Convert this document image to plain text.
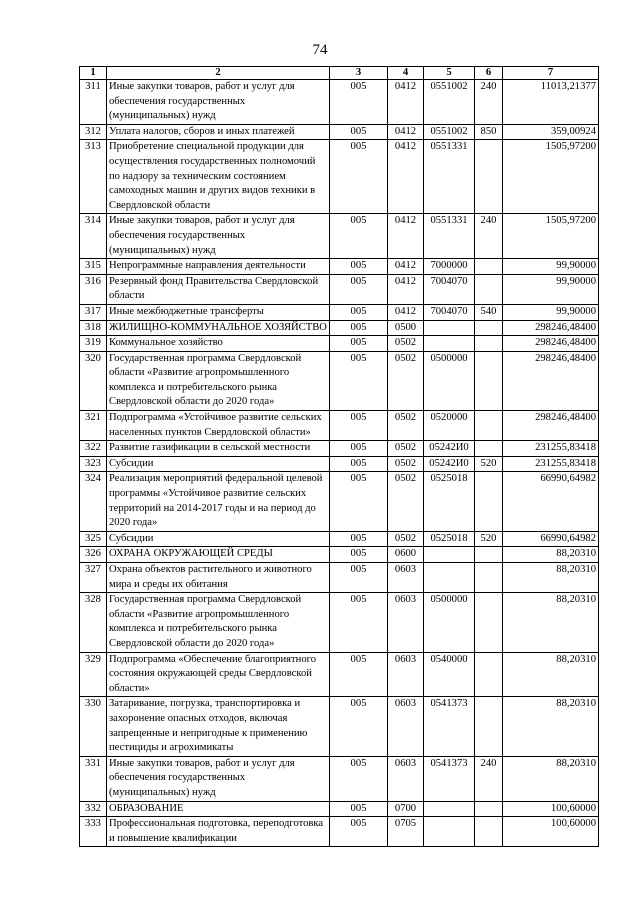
74
1	2	3	4	5	6	7
311	Иные закупки товаров, работ и услуг для обеспечения государственных (муниципальных) нужд	005	0412	0551002	240	11013,21377
312	Уплата налогов, сборов и иных платежей	005	0412	0551002	850	359,00924
313	Приобретение специальной продукции для осуществления государственных полномочий по надзору за техническим состоянием самоходных машин и других видов техники в Свердловской области	005	0412	0551331		1505,97200
314	Иные закупки товаров, работ и услуг для обеспечения государственных (муниципальных) нужд	005	0412	0551331	240	1505,97200
315	Непрограммные направления деятельности	005	0412	7000000		99,90000
316	Резервный фонд Правительства Свердловской области	005	0412	7004070		99,90000
317	Иные межбюджетные трансферты	005	0412	7004070	540	99,90000
318	ЖИЛИЩНО-КОММУНАЛЬНОЕ ХОЗЯЙСТВО	005	0500			298246,48400
319	Коммунальное хозяйство	005	0502			298246,48400
320	Государственная программа Свердловской области «Развитие агропромышленного комплекса и потребительского рынка Свердловской области до 2020 года»	005	0502	0500000		298246,48400
321	Подпрограмма «Устойчивое развитие сельских населенных пунктов Свердловской области»	005	0502	0520000		298246,48400
322	Развитие газификации в сельской местности	005	0502	05242И0		231255,83418
323	Субсидии	005	0502	05242И0	520	231255,83418
324	Реализация мероприятий федеральной целевой программы «Устойчивое развитие сельских территорий на 2014-2017 годы и на период до 2020 года»	005	0502	0525018		66990,64982
325	Субсидии	005	0502	0525018	520	66990,64982
326	ОХРАНА ОКРУЖАЮЩЕЙ СРЕДЫ	005	0600			88,20310
327	Охрана объектов растительного и животного мира и среды их обитания	005	0603			88,20310
328	Государственная программа Свердловской области «Развитие агропромышленного комплекса и потребительского рынка Свердловской области до 2020 года»	005	0603	0500000		88,20310
329	Подпрограмма «Обеспечение благоприятного состояния окружающей среды Свердловской области»	005	0603	0540000		88,20310
330	Затаривание, погрузка, транспортировка и захоронение опасных отходов, включая запрещенные и непригодные к применению пестициды и агрохимикаты	005	0603	0541373		88,20310
331	Иные закупки товаров, работ и услуг для обеспечения государственных (муниципальных) нужд	005	0603	0541373	240	88,20310
332	ОБРАЗОВАНИЕ	005	0700			100,60000
333	Профессиональная подготовка, переподготовка и повышение квалификации	005	0705			100,60000
